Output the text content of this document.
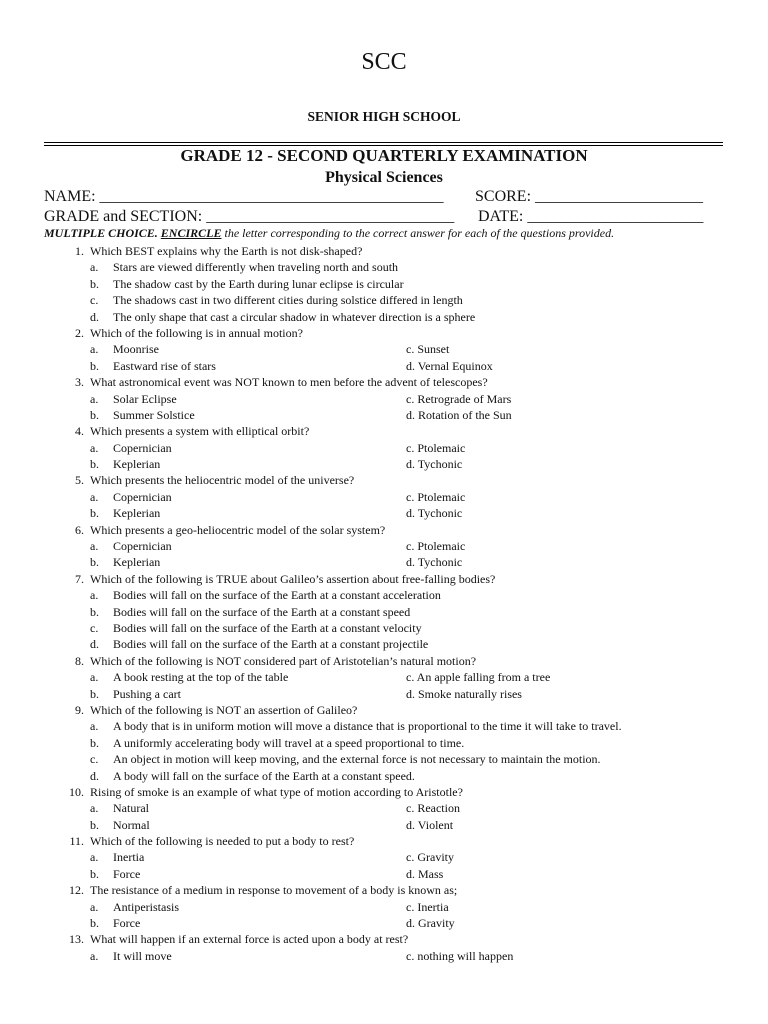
SCC
SENIOR HIGH SCHOOL
GRADE 12 - SECOND QUARTERLY EXAMINATION
Physical Sciences
NAME: ___________________________________________ SCORE: _____________________
GRADE and SECTION: _______________________________ DATE: ______________________
MULTIPLE CHOICE. ENCIRCLE the letter corresponding to the correct answer for each of the questions provided.
1. Which BEST explains why the Earth is not disk-shaped?
a. Stars are viewed differently when traveling north and south
b. The shadow cast by the Earth during lunar eclipse is circular
c. The shadows cast in two different cities during solstice differed in length
d. The only shape that cast a circular shadow in whatever direction is a sphere
2. Which of the following is in annual motion?
a. Moonrise	c. Sunset
b. Eastward rise of stars	d. Vernal Equinox
3. What astronomical event was NOT known to men before the advent of telescopes?
a. Solar Eclipse	c. Retrograde of Mars
b. Summer Solstice	d. Rotation of the Sun
4. Which presents a system with elliptical orbit?
a. Copernician	c. Ptolemaic
b. Keplerian	d. Tychonic
5. Which presents the heliocentric model of the universe?
a. Copernician	c. Ptolemaic
b. Keplerian	d. Tychonic
6. Which presents a geo-heliocentric model of the solar system?
a. Copernician	c. Ptolemaic
b. Keplerian	d. Tychonic
7. Which of the following is TRUE about Galileo’s assertion about free-falling bodies?
a. Bodies will fall on the surface of the Earth at a constant acceleration
b. Bodies will fall on the surface of the Earth at a constant speed
c. Bodies will fall on the surface of the Earth at a constant velocity
d. Bodies will fall on the surface of the Earth at a constant projectile
8. Which of the following is NOT considered part of Aristotelian’s natural motion?
a. A book resting at the top of the table	c. An apple falling from a tree
b. Pushing a cart	d. Smoke naturally rises
9. Which of the following is NOT an assertion of Galileo?
a. A body that is in uniform motion will move a distance that is proportional to the time it will take to travel.
b. A uniformly accelerating body will travel at a speed proportional to time.
c. An object in motion will keep moving, and the external force is not necessary to maintain the motion.
d. A body will fall on the surface of the Earth at a constant speed.
10. Rising of smoke is an example of what type of motion according to Aristotle?
a. Natural	c. Reaction
b. Normal	d. Violent
11. Which of the following is needed to put a body to rest?
a. Inertia	c. Gravity
b. Force	d. Mass
12. The resistance of a medium in response to movement of a body is known as;
a. Antiperistasis	c. Inertia
b. Force	d. Gravity
13. What will happen if an external force is acted upon a body at rest?
a. It will move	c. nothing will happen
